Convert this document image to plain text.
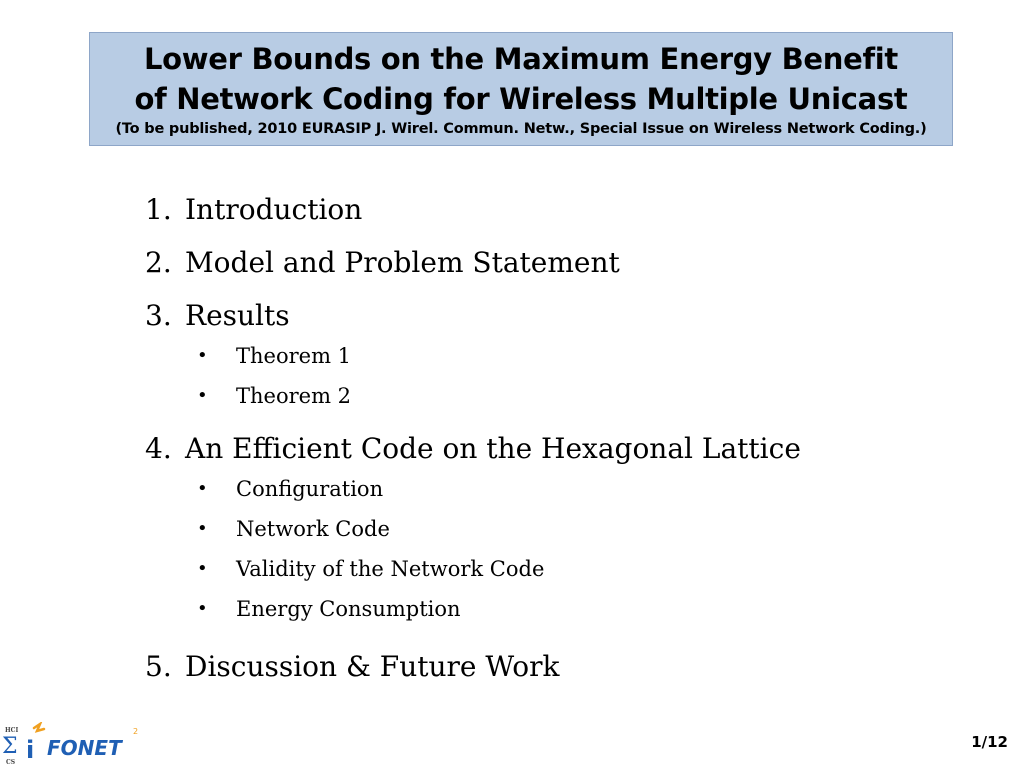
Lower Bounds on the Maximum Energy Benefit
of Network Coding for Wireless Multiple Unicast
(To be published, 2010 EURASIP J. Wirel. Commun. Netw., Special Issue on Wireless Network Coding.)
1. Introduction
2. Model and Problem Statement
3. Results
• Theorem 1
• Theorem 2
4. An Efficient Code on the Hexagonal Lattice
• Configuration
• Network Code
• Validity of the Network Code
• Energy Consumption
5. Discussion & Future Work
HCI
Σ
CS i FONET
2
1/12
